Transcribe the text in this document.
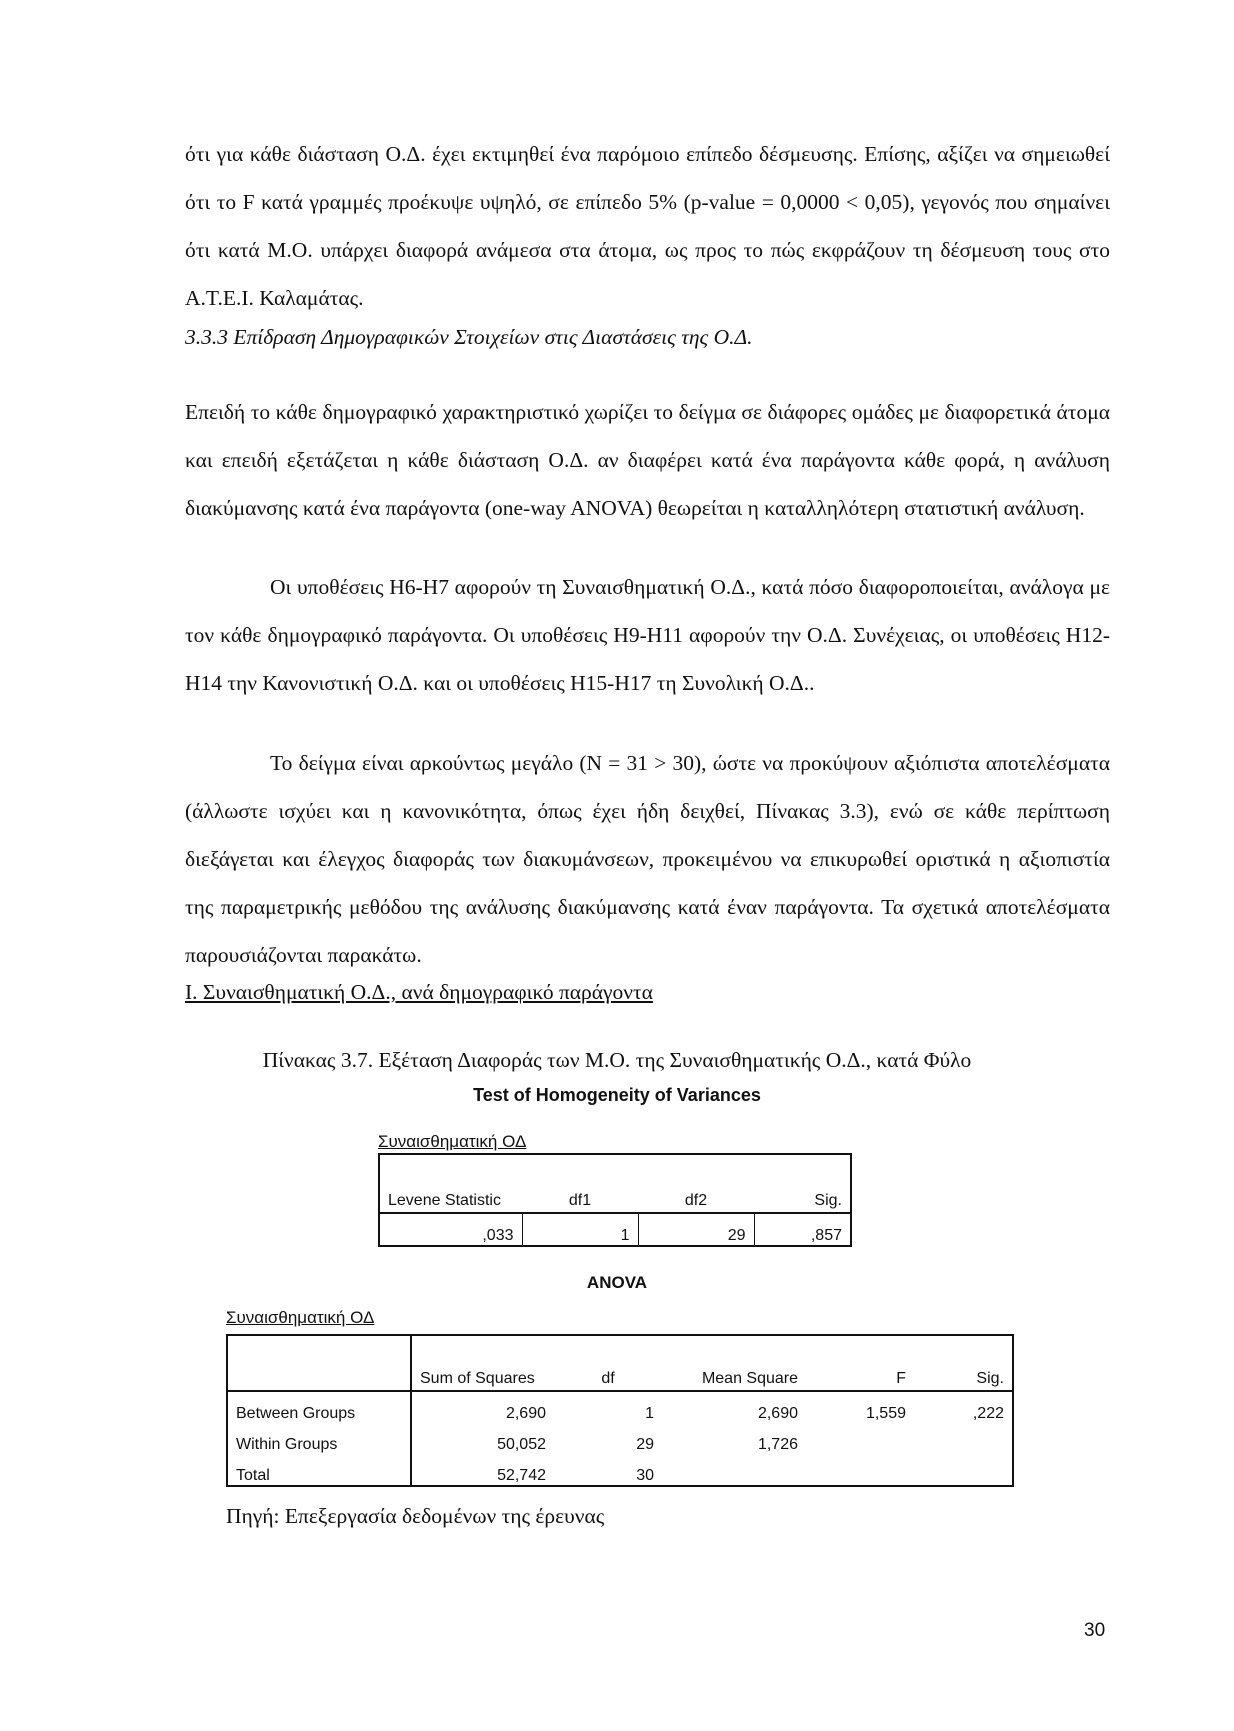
ότι για κάθε διάσταση Ο.Δ. έχει εκτιμηθεί ένα παρόμοιο επίπεδο δέσμευσης. Επίσης, αξίζει να σημειωθεί ότι το F κατά γραμμές προέκυψε υψηλό, σε επίπεδο 5% (p-value = 0,0000 < 0,05), γεγονός που σημαίνει ότι κατά Μ.Ο. υπάρχει διαφορά ανάμεσα στα άτομα, ως προς το πώς εκφράζουν τη δέσμευση τους στο Α.Τ.Ε.Ι. Καλαμάτας.
3.3.3 Επίδραση Δημογραφικών Στοιχείων στις Διαστάσεις της Ο.Δ.
Επειδή το κάθε δημογραφικό χαρακτηριστικό χωρίζει το δείγμα σε διάφορες ομάδες με διαφορετικά άτομα και επειδή εξετάζεται η κάθε διάσταση Ο.Δ. αν διαφέρει κατά ένα παράγοντα κάθε φορά, η ανάλυση διακύμανσης κατά ένα παράγοντα (one-way ANOVA) θεωρείται η καταλληλότερη στατιστική ανάλυση.
Οι υποθέσεις Η6-Η7 αφορούν τη Συναισθηματική Ο.Δ., κατά πόσο διαφοροποιείται, ανάλογα με τον κάθε δημογραφικό παράγοντα. Οι υποθέσεις Η9-Η11 αφορούν την Ο.Δ. Συνέχειας, οι υποθέσεις Η12-Η14 την Κανονιστική Ο.Δ. και οι υποθέσεις Η15-Η17 τη Συνολική Ο.Δ..
Το δείγμα είναι αρκούντως μεγάλο (Ν = 31 > 30), ώστε να προκύψουν αξιόπιστα αποτελέσματα (άλλωστε ισχύει και η κανονικότητα, όπως έχει ήδη δειχθεί, Πίνακας 3.3), ενώ σε κάθε περίπτωση διεξάγεται και έλεγχος διαφοράς των διακυμάνσεων, προκειμένου να επικυρωθεί οριστικά η αξιοπιστία της παραμετρικής μεθόδου της ανάλυσης διακύμανσης κατά έναν παράγοντα. Τα σχετικά αποτελέσματα παρουσιάζονται παρακάτω.
Ι. Συναισθηματική Ο.Δ., ανά δημογραφικό παράγοντα
Πίνακας 3.7. Εξέταση Διαφοράς των Μ.Ο. της Συναισθηματικής Ο.Δ., κατά Φύλο
Test of Homogeneity of Variances
Συναισθηματική ΟΔ
Levene Statistic	df1	df2	Sig.
,033	1	29	,857
ANOVA
Συναισθηματική ΟΔ
	Sum of Squares	df	Mean Square	F	Sig.
Between Groups	2,690	1	2,690	1,559	,222
Within Groups	50,052	29	1,726		
Total	52,742	30			
Πηγή: Επεξεργασία δεδομένων της έρευνας
30
